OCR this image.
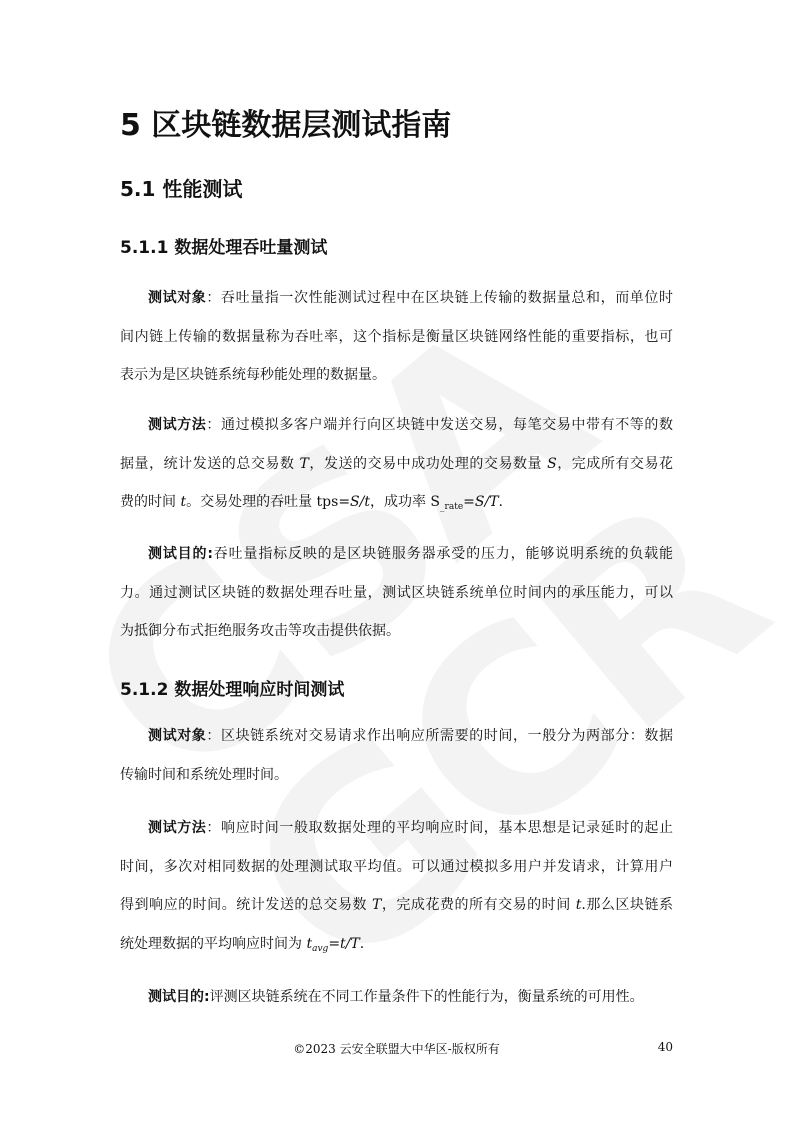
5 区块链数据层测试指南
5.1 性能测试
5.1.1 数据处理吞吐量测试
测试对象：吞吐量指一次性能测试过程中在区块链上传输的数据量总和，而单位时
间内链上传输的数据量称为吞吐率，这个指标是衡量区块链网络性能的重要指标，也可
表示为是区块链系统每秒能处理的数据量。
测试方法：通过模拟多客户端并行向区块链中发送交易，每笔交易中带有不等的数
据量，统计发送的总交易数 T，发送的交易中成功处理的交易数量 S，完成所有交易花
费的时间 t。交易处理的吞吐量 tps=S/t，成功率 $S_{\_rate}=S/T$.
测试目的:吞吐量指标反映的是区块链服务器承受的压力，能够说明系统的负载能
力。通过测试区块链的数据处理吞吐量，测试区块链系统单位时间内的承压能力，可以
为抵御分布式拒绝服务攻击等攻击提供依据。
5.1.2 数据处理响应时间测试
测试对象：区块链系统对交易请求作出响应所需要的时间，一般分为两部分：数据
传输时间和系统处理时间。
测试方法：响应时间一般取数据处理的平均响应时间，基本思想是记录延时的起止
时间，多次对相同数据的处理测试取平均值。可以通过模拟多用户并发请求，计算用户
得到响应的时间。统计发送的总交易数 T，完成花费的所有交易的时间 t.那么区块链系
统处理数据的平均响应时间为 $t_{avg}=t/T$.
测试目的:评测区块链系统在不同工作量条件下的性能行为，衡量系统的可用性。
©2023 云安全联盟大中华区-版权所有	40
